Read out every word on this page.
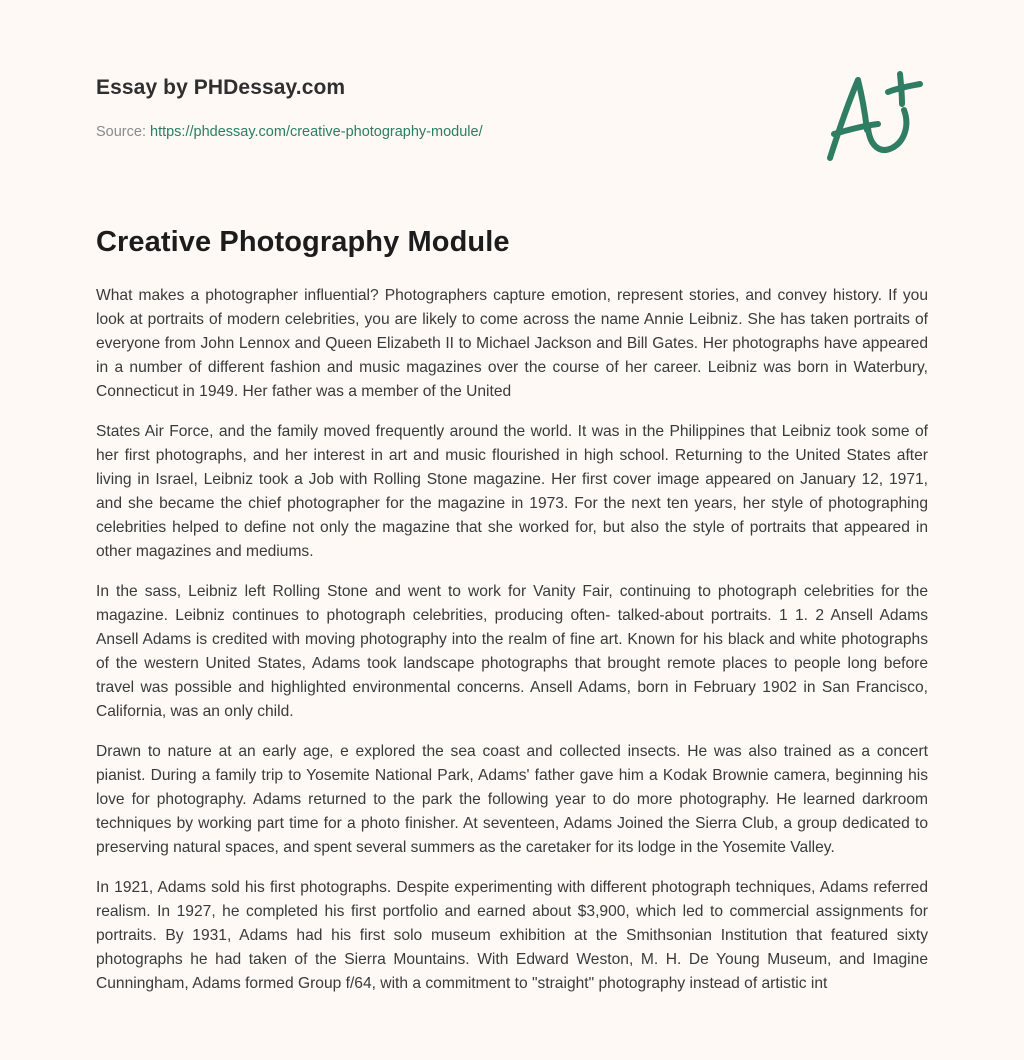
Essay by PHDessay.com
Source: https://phdessay.com/creative-photography-module/
Creative Photography Module

What makes a photographer influential? Photographers capture emotion, represent stories, and convey history. If you look at portraits of modern celebrities, you are likely to come across the name Annie Leibniz. She has taken portraits of everyone from John Lennox and Queen Elizabeth II to Michael Jackson and Bill Gates. Her photographs have appeared in a number of different fashion and music magazines over the course of her career. Leibniz was born in Waterbury, Connecticut in 1949. Her father was a member of the United

States Air Force, and the family moved frequently around the world. It was in the Philippines that Leibniz took some of her first photographs, and her interest in art and music flourished in high school. Returning to the United States after living in Israel, Leibniz took a Job with Rolling Stone magazine. Her first cover image appeared on January 12, 1971, and she became the chief photographer for the magazine in 1973. For the next ten years, her style of photographing celebrities helped to define not only the magazine that she worked for, but also the style of portraits that appeared in other magazines and mediums.

In the sass, Leibniz left Rolling Stone and went to work for Vanity Fair, continuing to photograph celebrities for the magazine. Leibniz continues to photograph celebrities, producing often- talked-about portraits. 1 1. 2 Ansell Adams Ansell Adams is credited with moving photography into the realm of fine art. Known for his black and white photographs of the western United States, Adams took landscape photographs that brought remote places to people long before travel was possible and highlighted environmental concerns. Ansell Adams, born in February 1902 in San Francisco, California, was an only child.

Drawn to nature at an early age, e explored the sea coast and collected insects. He was also trained as a concert pianist. During a family trip to Yosemite National Park, Adams' father gave him a Kodak Brownie camera, beginning his love for photography. Adams returned to the park the following year to do more photography. He learned darkroom techniques by working part time for a photo finisher. At seventeen, Adams Joined the Sierra Club, a group dedicated to preserving natural spaces, and spent several summers as the caretaker for its lodge in the Yosemite Valley.

In 1921, Adams sold his first photographs. Despite experimenting with different photograph techniques, Adams referred realism. In 1927, he completed his first portfolio and earned about $3,900, which led to commercial assignments for portraits. By 1931, Adams had his first solo museum exhibition at the Smithsonian Institution that featured sixty photographs he had taken of the Sierra Mountains. With Edward Weston, M. H. De Young Museum, and Imagine Cunningham, Adams formed Group f/64, with a commitment to "straight" photography instead of artistic int
